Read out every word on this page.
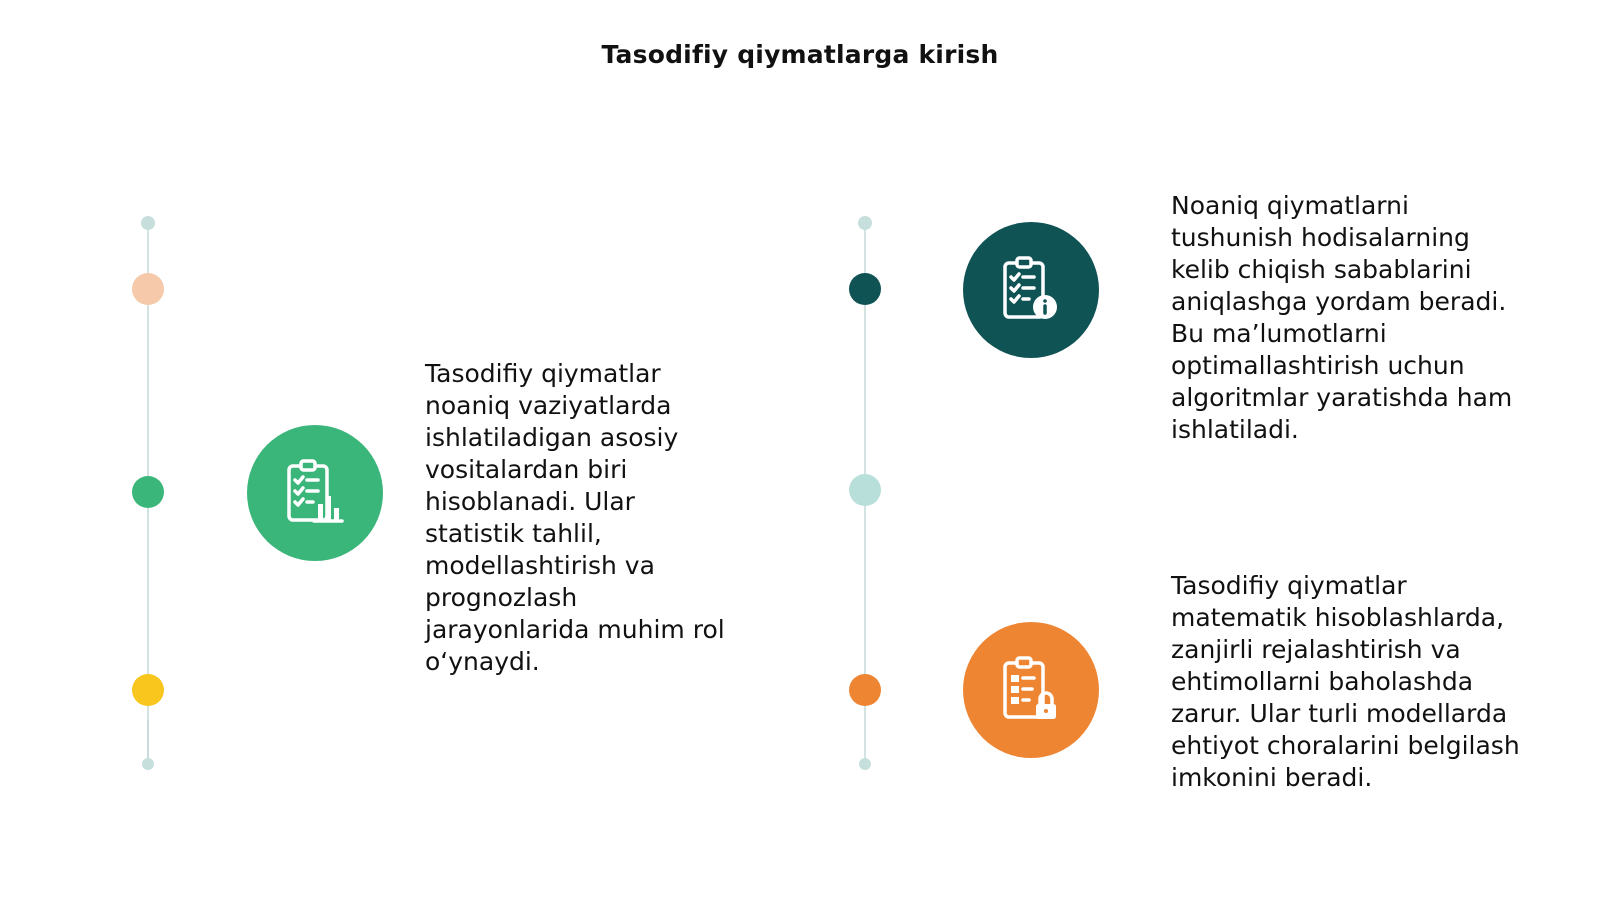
Tasodifiy qiymatlarga kirish
Tasodifiy qiymatlar
noaniq vaziyatlarda
ishlatiladigan asosiy
vositalardan biri
hisoblanadi. Ular
statistik tahlil,
modellashtirish va
prognozlash
jarayonlarida muhim rol
o‘ynaydi.
Noaniq qiymatlarni
tushunish hodisalarning
kelib chiqish sabablarini
aniqlashga yordam beradi.
Bu ma’lumotlarni
optimallashtirish uchun
algoritmlar yaratishda ham
ishlatiladi.
Tasodifiy qiymatlar
matematik hisoblashlarda,
zanjirli rejalashtirish va
ehtimollarni baholashda
zarur. Ular turli modellarda
ehtiyot choralarini belgilash
imkonini beradi.
